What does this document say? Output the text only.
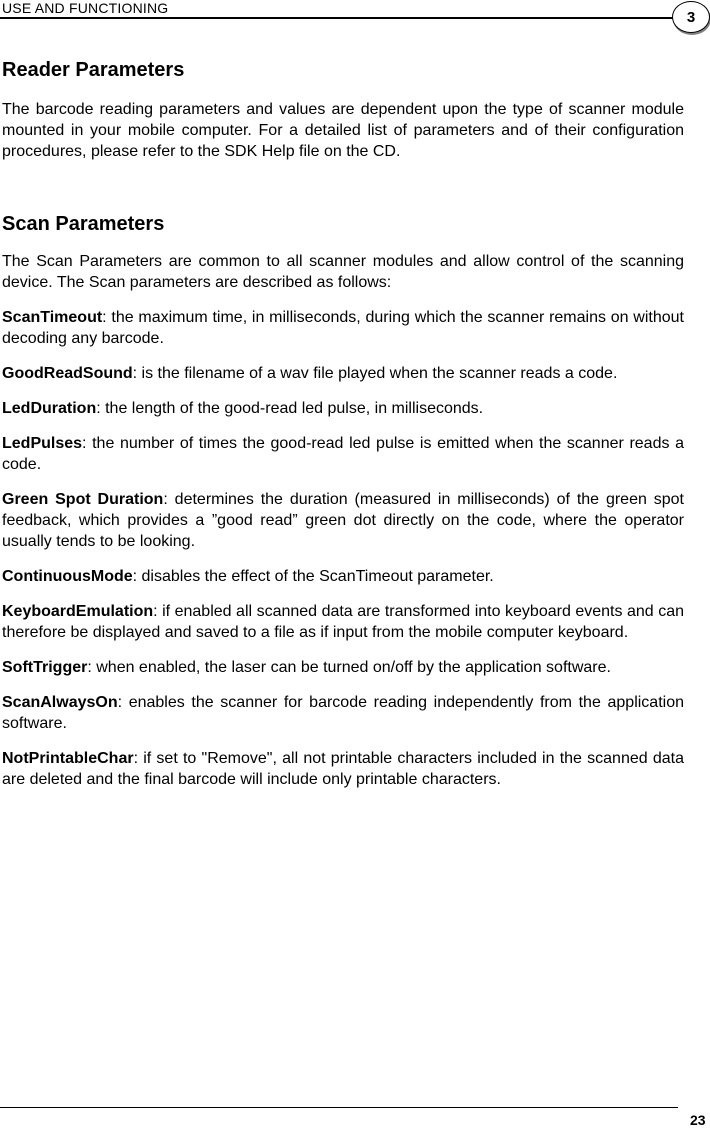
USE AND FUNCTIONING
3
Reader Parameters

The barcode reading parameters and values are dependent upon the type of scanner module mounted in your mobile computer. For a detailed list of parameters and of their configuration procedures, please refer to the SDK Help file on the CD.

Scan Parameters

The Scan Parameters are common to all scanner modules and allow control of the scanning device. The Scan parameters are described as follows:

ScanTimeout: the maximum time, in milliseconds, during which the scanner remains on without decoding any barcode.

GoodReadSound: is the filename of a wav file played when the scanner reads a code.

LedDuration: the length of the good-read led pulse, in milliseconds.

LedPulses: the number of times the good-read led pulse is emitted when the scanner reads a code.

Green Spot Duration: determines the duration (measured in milliseconds) of the green spot feedback, which provides a ”good read” green dot directly on the code, where the operator usually tends to be looking.

ContinuousMode: disables the effect of the ScanTimeout parameter.

KeyboardEmulation: if enabled all scanned data are transformed into keyboard events and can therefore be displayed and saved to a file as if input from the mobile computer keyboard.

SoftTrigger: when enabled, the laser can be turned on/off by the application software.

ScanAlwaysOn: enables the scanner for barcode reading independently from the application software.

NotPrintableChar: if set to "Remove", all not printable characters included in the scanned data are deleted and the final barcode will include only printable characters.

23
